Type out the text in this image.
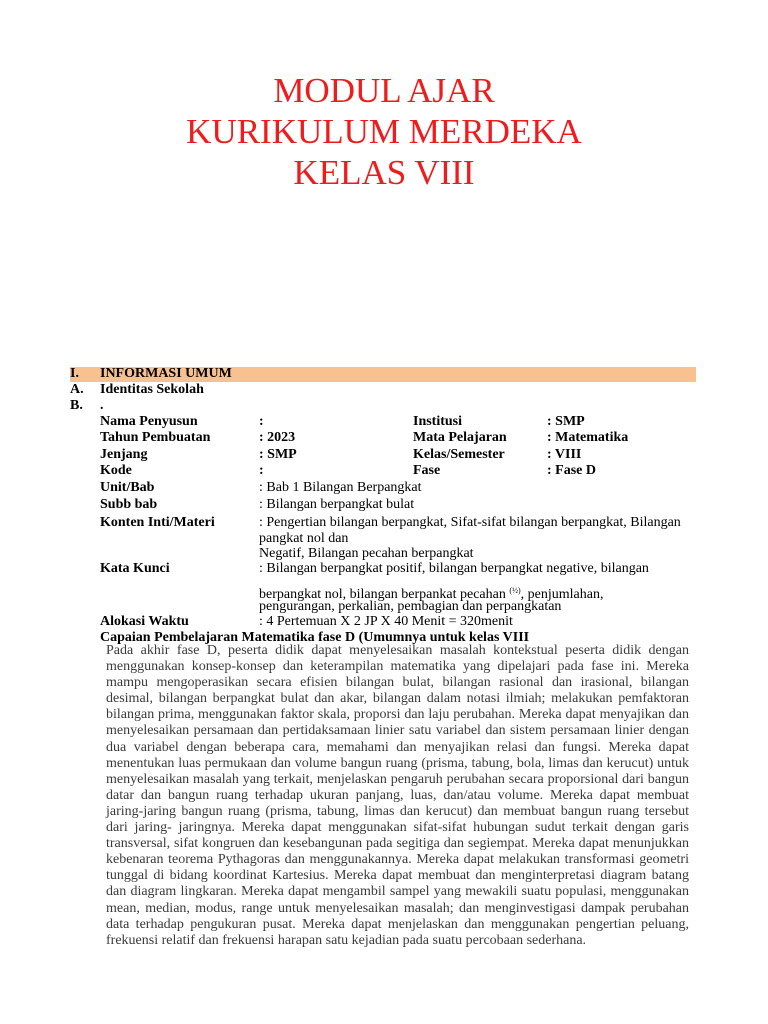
MODUL AJAR
KURIKULUM MERDEKA
KELAS VIII
I. INFORMASI UMUM
A. Identitas Sekolah
B. .
Nama Penyusun	:	Institusi	: SMP
Tahun Pembuatan	: 2023	Mata Pelajaran	: Matematika
Jenjang	: SMP	Kelas/Semester	: VIII
Kode	:	Fase	: Fase D
Unit/Bab	: Bab 1 Bilangan Berpangkat
Subb bab	: Bilangan berpangkat bulat
Konten Inti/Materi	: Pengertian bilangan berpangkat, Sifat-sifat bilangan berpangkat, Bilangan
pangkat nol dan
Negatif, Bilangan pecahan berpangkat
Kata Kunci	: Bilangan berpangkat positif, bilangan berpangkat negative, bilangan
berpangkat nol, bilangan berpankat pecahan $^{(\frac{1}{2})}$, penjumlahan,
pengurangan, perkalian, pembagian dan perpangkatan
Alokasi Waktu	: 4 Pertemuan X 2 JP X 40 Menit = 320menit
Capaian Pembelajaran Matematika fase D (Umumnya untuk kelas VIII
Pada akhir fase D, peserta didik dapat menyelesaikan masalah kontekstual peserta didik dengan menggunakan konsep-konsep dan keterampilan matematika yang dipelajari pada fase ini. Mereka mampu mengoperasikan secara efisien bilangan bulat, bilangan rasional dan irasional, bilangan desimal, bilangan berpangkat bulat dan akar, bilangan dalam notasi ilmiah; melakukan pemfaktoran bilangan prima, menggunakan faktor skala, proporsi dan laju perubahan. Mereka dapat menyajikan dan menyelesaikan persamaan dan pertidaksamaan linier satu variabel dan sistem persamaan linier dengan dua variabel dengan beberapa cara, memahami dan menyajikan relasi dan fungsi. Mereka dapat menentukan luas permukaan dan volume bangun ruang (prisma, tabung, bola, limas dan kerucut) untuk menyelesaikan masalah yang terkait, menjelaskan pengaruh perubahan secara proporsional dari bangun datar dan bangun ruang terhadap ukuran panjang, luas, dan/atau volume. Mereka dapat membuat jaring-jaring bangun ruang (prisma, tabung, limas dan kerucut) dan membuat bangun ruang tersebut dari jaring- jaringnya. Mereka dapat menggunakan sifat-sifat hubungan sudut terkait dengan garis transversal, sifat kongruen dan kesebangunan pada segitiga dan segiempat. Mereka dapat menunjukkan kebenaran teorema Pythagoras dan menggunakannya. Mereka dapat melakukan transformasi geometri tunggal di bidang koordinat Kartesius. Mereka dapat membuat dan menginterpretasi diagram batang dan diagram lingkaran. Mereka dapat mengambil sampel yang mewakili suatu populasi, menggunakan mean, median, modus, range untuk menyelesaikan masalah; dan menginvestigasi dampak perubahan data terhadap pengukuran pusat. Mereka dapat menjelaskan dan menggunakan pengertian peluang, frekuensi relatif dan frekuensi harapan satu kejadian pada suatu percobaan sederhana.
